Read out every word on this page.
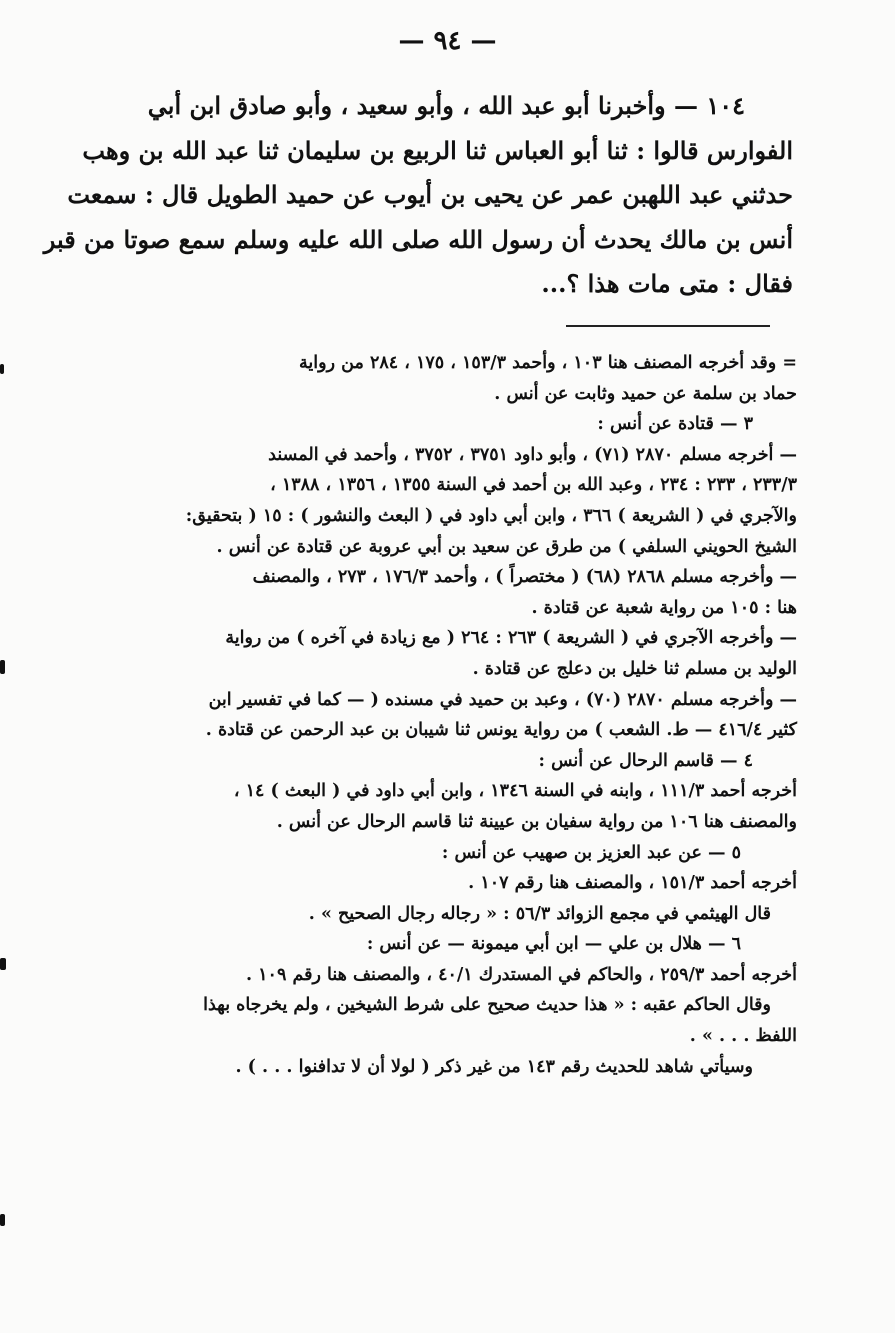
— ٩٤ —
١٠٤ — وأخبرنا أبو عبد الله ، وأبو سعيد ، وأبو صادق ابن أبي
الفوارس قالوا : ثنا أبو العباس ثنا الربيع بن سليمان ثنا عبد الله بن وهب
حدثني عبد اللهبن عمر عن يحيى بن أيوب عن حميد الطويل قال : سمعت
أنس بن مالك يحدث أن رسول الله صلى الله عليه وسلم سمع صوتا من قبر
فقال : متى مات هذا ؟...
= وقد أخرجه المصنف هنا ١٠٣ ، وأحمد ١٥٣/٣ ، ١٧٥ ، ٢٨٤ من رواية
حماد بن سلمة عن حميد وثابت عن أنس .
٣ — قتادة عن أنس :
— أخرجه مسلم ٢٨٧٠ (٧١) ، وأبو داود ٣٧٥١ ، ٣٧٥٢ ، وأحمد في المسند
٢٣٣/٣ ، ٢٣٣ : ٢٣٤ ، وعبد الله بن أحمد في السنة ١٣٥٥ ، ١٣٥٦ ، ١٣٨٨ ،
والآجري في ( الشريعة ) ٣٦٦ ، وابن أبي داود في ( البعث والنشور ) : ١٥ ( بتحقيق:
الشيخ الحويني السلفي ) من طرق عن سعيد بن أبي عروبة عن قتادة عن أنس .
— وأخرجه مسلم ٢٨٦٨ (٦٨) ( مختصراً ) ، وأحمد ١٧٦/٣ ، ٢٧٣ ، والمصنف
هنا : ١٠٥ من رواية شعبة عن قتادة .
— وأخرجه الآجري في ( الشريعة ) ٢٦٣ : ٢٦٤ ( مع زيادة في آخره ) من رواية
الوليد بن مسلم ثنا خليل بن دعلج عن قتادة .
— وأخرجه مسلم ٢٨٧٠ (٧٠) ، وعبد بن حميد في مسنده ( — كما في تفسير ابن
كثير ٤١٦/٤ — ط. الشعب ) من رواية يونس ثنا شيبان بن عبد الرحمن عن قتادة .
٤ — قاسم الرحال عن أنس :
أخرجه أحمد ١١١/٣ ، وابنه في السنة ١٣٤٦ ، وابن أبي داود في ( البعث ) ١٤ ،
والمصنف هنا ١٠٦ من رواية سفيان بن عيينة ثنا قاسم الرحال عن أنس .
٥ — عن عبد العزيز بن صهيب عن أنس :
أخرجه أحمد ١٥١/٣ ، والمصنف هنا رقم ١٠٧ .
قال الهيثمي في مجمع الزوائد ٥٦/٣ : « رجاله رجال الصحيح » .
٦ — هلال بن علي — ابن أبي ميمونة — عن أنس :
أخرجه أحمد ٢٥٩/٣ ، والحاكم في المستدرك ٤٠/١ ، والمصنف هنا رقم ١٠٩ .
وقال الحاكم عقبه : « هذا حديث صحيح على شرط الشيخين ، ولم يخرجاه بهذا
اللفظ . . . » .
وسيأتي شاهد للحديث رقم ١٤٣ من غير ذكر ( لولا أن لا تدافنوا . . . ) .
